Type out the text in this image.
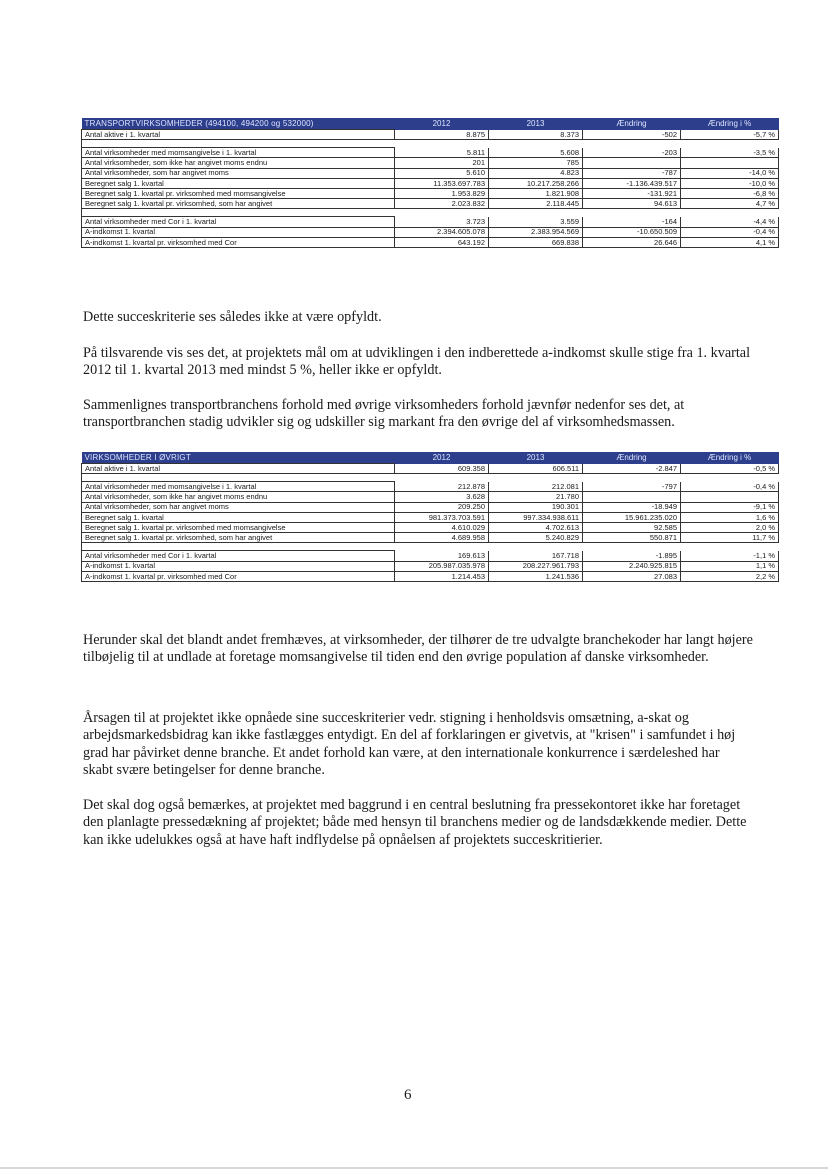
TRANSPORTVIRKSOMHEDER (494100, 494200 og 532000)	2012	2013	Ændring	Ændring i %
Antal aktive i 1. kvartal	8.875	8.373	-502	-5,7 %

Antal virksomheder med momsangivelse i 1. kvartal	5.811	5.608	-203	-3,5 %
Antal virksomheder, som ikke har angivet moms endnu	201	785		
Antal virksomheder, som har angivet moms	5.610	4.823	-787	-14,0 %
Beregnet salg 1. kvartal	11.353.697.783	10.217.258.266	-1.136.439.517	-10,0 %
Beregnet salg 1. kvartal pr. virksomhed med momsangivelse	1.953.829	1.821.908	-131.921	-6,8 %
Beregnet salg 1. kvartal pr. virksomhed, som har angivet	2.023.832	2.118.445	94.613	4,7 %

Antal virksomheder med Cor i 1. kvartal	3.723	3.559	-164	-4,4 %
A-indkomst 1. kvartal	2.394.605.078	2.383.954.569	-10.650.509	-0,4 %
A-indkomst 1. kvartal pr. virksomhed med Cor	643.192	669.838	26.646	4,1 %

Dette succeskriterie ses således ikke at være opfyldt.

På tilsvarende vis ses det, at projektets mål om at udviklingen i den indberettede a-indkomst skulle stige fra 1. kvartal 2012 til 1. kvartal 2013 med mindst 5 %, heller ikke er opfyldt.

Sammenlignes transportbranchens forhold med øvrige virksomheders forhold jævnfør nedenfor ses det, at transportbranchen stadig udvikler sig og udskiller sig markant fra den øvrige del af virksomhedsmassen.

VIRKSOMHEDER I ØVRIGT	2012	2013	Ændring	Ændring i %
Antal aktive i 1. kvartal	609.358	606.511	-2.847	-0,5 %

Antal virksomheder med momsangivelse i 1. kvartal	212.878	212.081	-797	-0,4 %
Antal virksomheder, som ikke har angivet moms endnu	3.628	21.780		
Antal virksomheder, som har angivet moms	209.250	190.301	-18.949	-9,1 %
Beregnet salg 1. kvartal	981.373.703.591	997.334.938.611	15.961.235.020	1,6 %
Beregnet salg 1. kvartal pr. virksomhed med momsangivelse	4.610.029	4.702.613	92.585	2,0 %
Beregnet salg 1. kvartal pr. virksomhed, som har angivet	4.689.958	5.240.829	550.871	11,7 %

Antal virksomheder med Cor i 1. kvartal	169.613	167.718	-1.895	-1,1 %
A-indkomst 1. kvartal	205.987.035.978	208.227.961.793	2.240.925.815	1,1 %
A-indkomst 1. kvartal pr. virksomhed med Cor	1.214.453	1.241.536	27.083	2,2 %

Herunder skal det blandt andet fremhæves, at virksomheder, der tilhører de tre udvalgte branchekoder har langt højere tilbøjelig til at undlade at foretage momsangivelse til tiden end den øvrige population af danske virksomheder.

Årsagen til at projektet ikke opnåede sine succeskriterier vedr. stigning i henholdsvis omsætning, a-skat og arbejdsmarkedsbidrag kan ikke fastlægges entydigt. En del af forklaringen er givetvis, at "krisen" i samfundet i høj grad har påvirket denne branche. Et andet forhold kan være, at den internationale konkurrence i særdeleshed har skabt svære betingelser for denne branche.

Det skal dog også bemærkes, at projektet med baggrund i en central beslutning fra pressekontoret ikke har foretaget den planlagte pressedækning af projektet; både med hensyn til branchens medier og de landsdækkende medier. Dette kan ikke udelukkes også at have haft indflydelse på opnåelsen af projektets succeskritierier.

6
